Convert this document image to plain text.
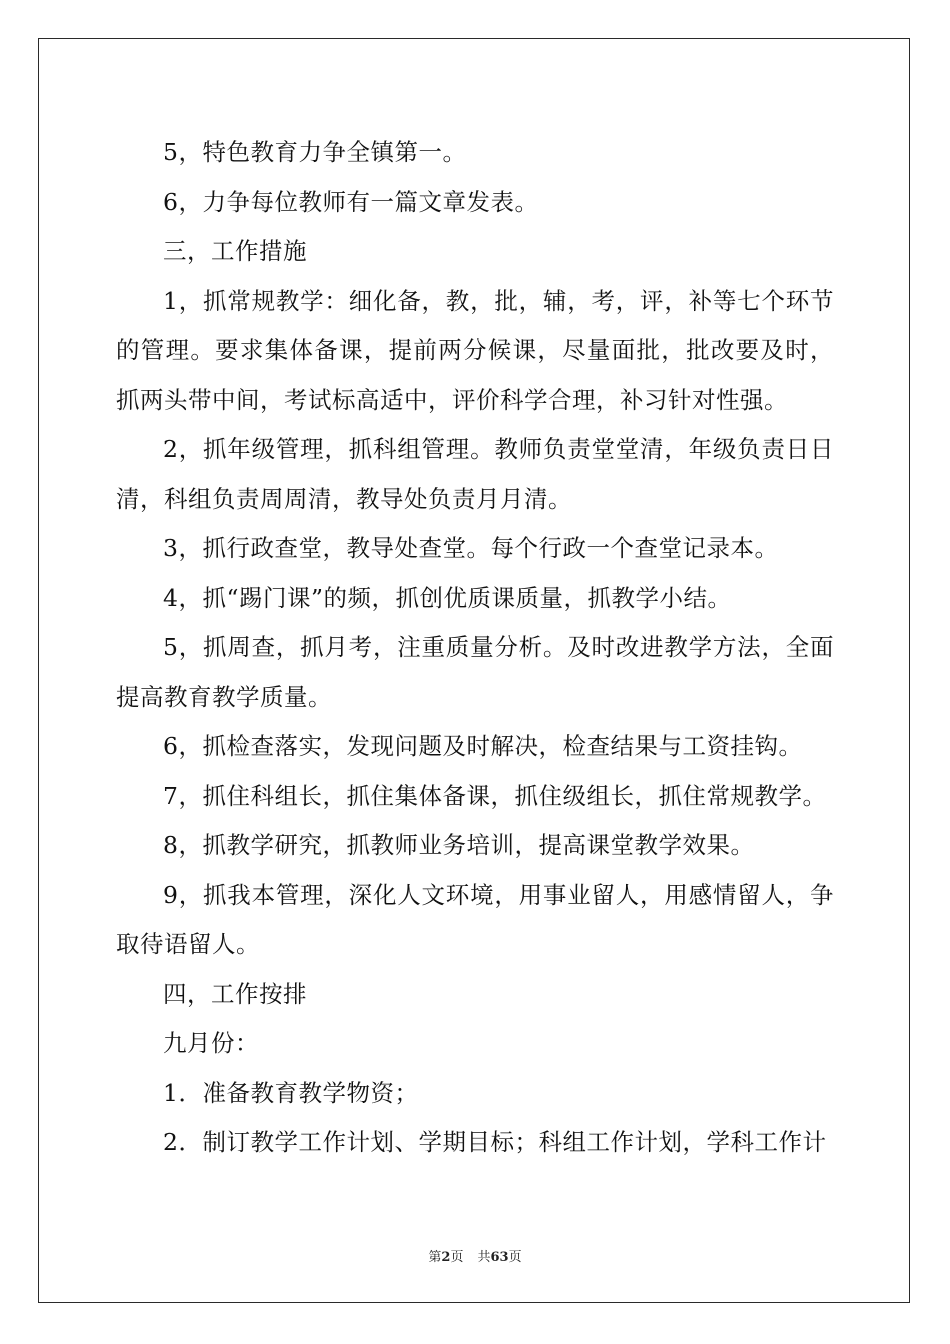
5，特色教育力争全镇第一。

6，力争每位教师有一篇文章发表。

三，工作措施

1，抓常规教学：细化备，教，批，辅，考，评，补等七个环节的管理。要求集体备课，提前两分候课，尽量面批，批改要及时，抓两头带中间，考试标高适中，评价科学合理，补习针对性强。

2，抓年级管理，抓科组管理。教师负责堂堂清，年级负责日日清，科组负责周周清，教导处负责月月清。

3，抓行政查堂，教导处查堂。每个行政一个查堂记录本。

4，抓“踢门课”的频，抓创优质课质量，抓教学小结。

5，抓周查，抓月考，注重质量分析。及时改进教学方法，全面提高教育教学质量。

6，抓检查落实，发现问题及时解决，检查结果与工资挂钩。

7，抓住科组长，抓住集体备课，抓住级组长，抓住常规教学。

8，抓教学研究，抓教师业务培训，提高课堂教学效果。

9，抓我本管理，深化人文环境，用事业留人，用感情留人，争取待语留人。

四，工作按排

九月份：

1．准备教育教学物资；

2．制订教学工作计划、学期目标；科组工作计划，学科工作计

第2页 共63页
